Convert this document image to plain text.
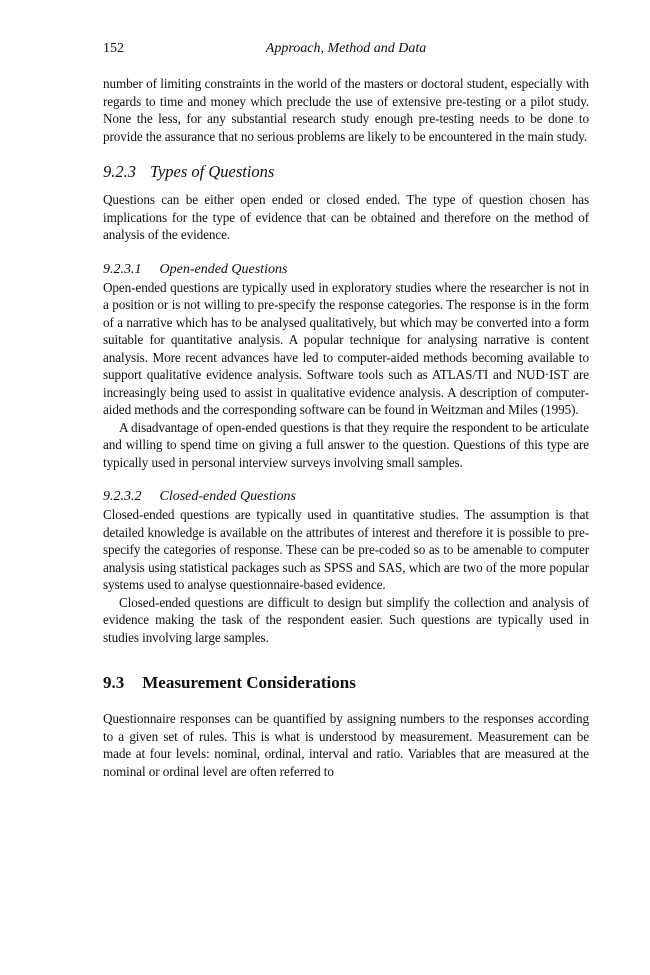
152	Approach, Method and Data

number of limiting constraints in the world of the masters or doctoral student, especially with regards to time and money which preclude the use of extensive pre-testing or a pilot study. None the less, for any substantial research study enough pre-testing needs to be done to provide the assurance that no serious problems are likely to be encountered in the main study.

9.2.3 Types of Questions

Questions can be either open ended or closed ended. The type of question chosen has implications for the type of evidence that can be obtained and therefore on the method of analysis of the evidence.

9.2.3.1 Open-ended Questions

Open-ended questions are typically used in exploratory studies where the researcher is not in a position or is not willing to pre-specify the response categories. The response is in the form of a narrative which has to be analysed qualitatively, but which may be converted into a form suitable for quantitative analysis. A popular technique for analysing narrative is content analysis. More recent advances have led to computer-aided methods becoming available to support qualitative evidence analysis. Software tools such as ATLAS/TI and NUD·IST are increasingly being used to assist in qualitative evidence analysis. A description of computer-aided methods and the corresponding software can be found in Weitzman and Miles (1995).

A disadvantage of open-ended questions is that they require the respondent to be articulate and willing to spend time on giving a full answer to the question. Questions of this type are typically used in personal interview surveys involving small samples.

9.2.3.2 Closed-ended Questions

Closed-ended questions are typically used in quantitative studies. The assumption is that detailed knowledge is available on the attributes of interest and therefore it is possible to pre-specify the categories of response. These can be pre-coded so as to be amenable to computer analysis using statistical packages such as SPSS and SAS, which are two of the more popular systems used to analyse questionnaire-based evidence.

Closed-ended questions are difficult to design but simplify the collection and analysis of evidence making the task of the respondent easier. Such questions are typically used in studies involving large samples.

9.3 Measurement Considerations

Questionnaire responses can be quantified by assigning numbers to the responses according to a given set of rules. This is what is understood by measurement. Measurement can be made at four levels: nominal, ordinal, interval and ratio. Variables that are measured at the nominal or ordinal level are often referred to
